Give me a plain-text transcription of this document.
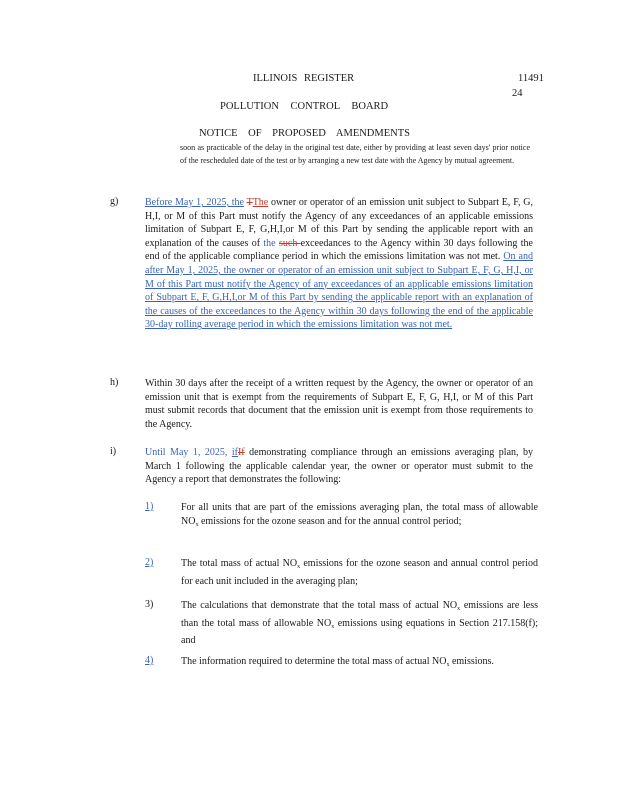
ILLINOIS REGISTER	11491
24
POLLUTION CONTROL BOARD
NOTICE OF PROPOSED AMENDMENTS
soon as practicable of the delay in the original test date, either by providing at least seven days' prior notice of the rescheduled date of the test or by arranging a new test date with the Agency by mutual agreement.
g)	Before May 1, 2025, the TThe owner or operator of an emission unit subject to Subpart E, F, G, H,I, or M of this Part must notify the Agency of any exceedances of an applicable emissions limitation of Subpart E, F, G,H,I,or M of this Part by sending the applicable report with an explanation of the causes of the such exceedances to the Agency within 30 days following the end of the applicable compliance period in which the emissions limitation was not met. On and after May 1, 2025, the owner or operator of an emission unit subject to Subpart E, F, G, H,I, or M of this Part must notify the Agency of any exceedances of an applicable emissions limitation of Subpart E, F, G,H,I,or M of this Part by sending the applicable report with an explanation of the causes of the exceedances to the Agency within 30 days following the end of the applicable 30-day rolling average period in which the emissions limitation was not met.
h)	Within 30 days after the receipt of a written request by the Agency, the owner or operator of an emission unit that is exempt from the requirements of Subpart E, F, G, H,I, or M of this Part must submit records that document that the emission unit is exempt from those requirements to the Agency.
i)	Until May 1, 2025, ifIf demonstrating compliance through an emissions averaging plan, by March 1 following the applicable calendar year, the owner or operator must submit to the Agency a report that demonstrates the following:
1)	For all units that are part of the emissions averaging plan, the total mass of allowable $NO_x$ emissions for the ozone season and for the annual control period;
2)	The total mass of actual $NO_x$ emissions for the ozone season and annual control period for each unit included in the averaging plan;
3)	The calculations that demonstrate that the total mass of actual $NO_x$ emissions are less than the total mass of allowable $NO_x$ emissions using equations in Section 217.158(f); and
4)	The information required to determine the total mass of actual $NO_x$ emissions.
